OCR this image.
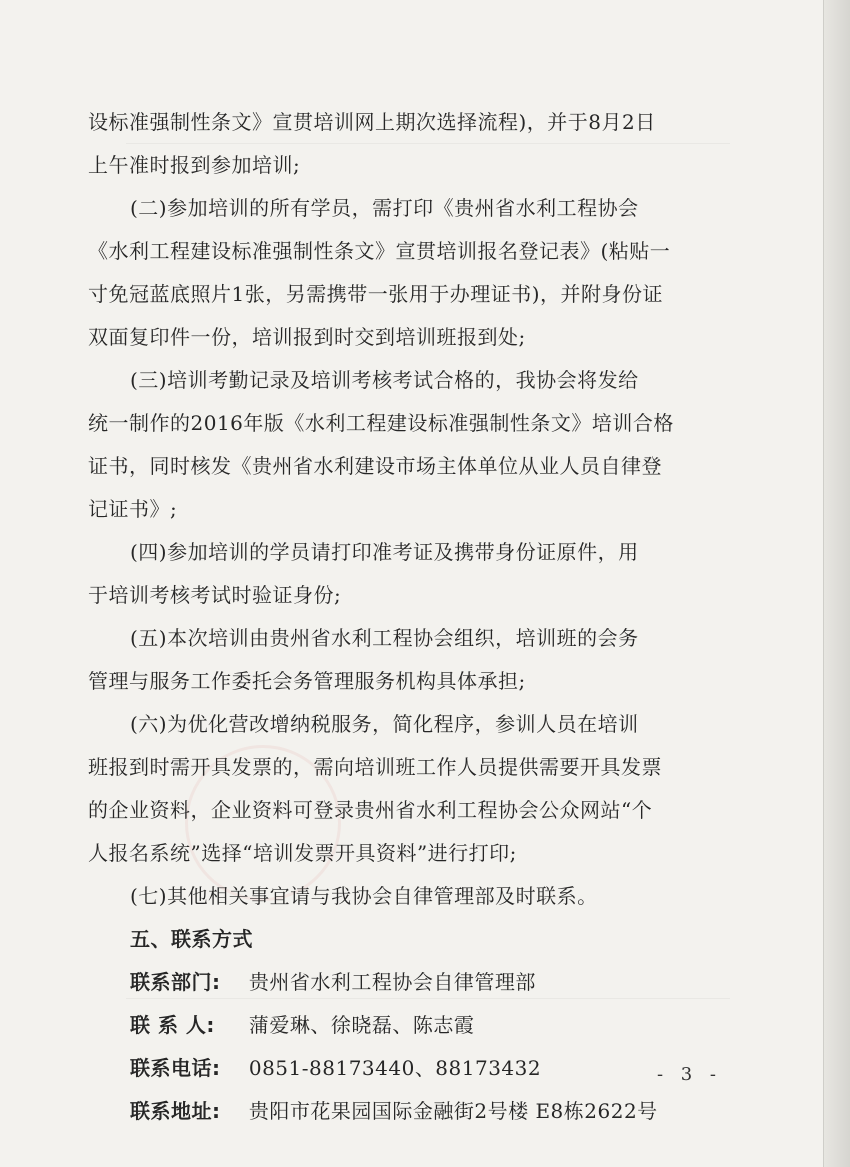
设标准强制性条文》宣贯培训网上期次选择流程)，并于8月2日
上午准时报到参加培训;
(二)参加培训的所有学员，需打印《贵州省水利工程协会
《水利工程建设标准强制性条文》宣贯培训报名登记表》(粘贴一
寸免冠蓝底照片1张，另需携带一张用于办理证书)，并附身份证
双面复印件一份，培训报到时交到培训班报到处;
(三)培训考勤记录及培训考核考试合格的，我协会将发给
统一制作的2016年版《水利工程建设标准强制性条文》培训合格
证书，同时核发《贵州省水利建设市场主体单位从业人员自律登
记证书》;
(四)参加培训的学员请打印准考证及携带身份证原件，用
于培训考核考试时验证身份;
(五)本次培训由贵州省水利工程协会组织，培训班的会务
管理与服务工作委托会务管理服务机构具体承担;
(六)为优化营改增纳税服务，简化程序，参训人员在培训
班报到时需开具发票的，需向培训班工作人员提供需要开具发票
的企业资料，企业资料可登录贵州省水利工程协会公众网站“个
人报名系统”选择“培训发票开具资料”进行打印;
(七)其他相关事宜请与我协会自律管理部及时联系。
五、联系方式
联系部门: 贵州省水利工程协会自律管理部
联 系 人: 蒲爱琳、徐晓磊、陈志霞
联系电话: 0851-88173440、88173432
联系地址: 贵阳市花果园国际金融街2号楼 E8栋2622号
- 3 -
